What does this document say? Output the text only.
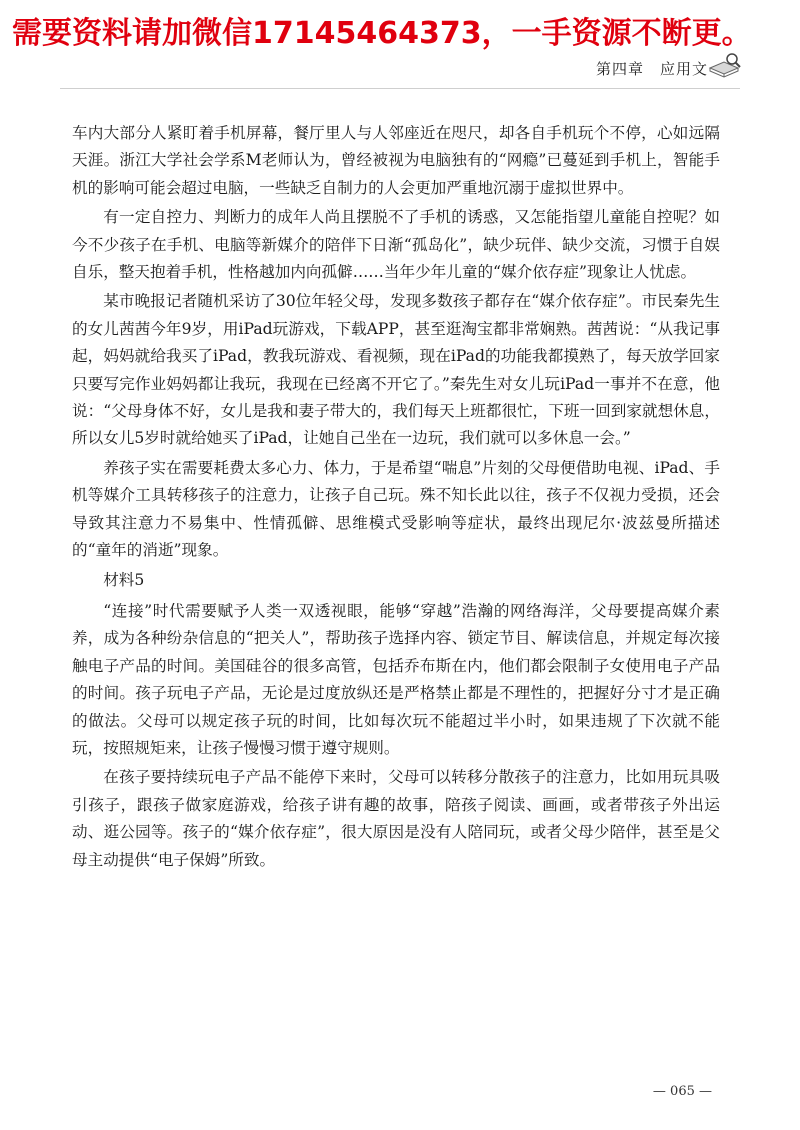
需要资料请加微信17145464373，一手资源不断更。
第四章　应用文

车内大部分人紧盯着手机屏幕，餐厅里人与人邻座近在咫尺，却各自手机玩个不停，心如远隔天涯。浙江大学社会学系M老师认为，曾经被视为电脑独有的“网瘾”已蔓延到手机上，智能手机的影响可能会超过电脑，一些缺乏自制力的人会更加严重地沉溺于虚拟世界中。

有一定自控力、判断力的成年人尚且摆脱不了手机的诱惑，又怎能指望儿童能自控呢？如今不少孩子在手机、电脑等新媒介的陪伴下日渐“孤岛化”，缺少玩伴、缺少交流，习惯于自娱自乐，整天抱着手机，性格越加内向孤僻……当年少年儿童的“媒介依存症”现象让人忧虑。

某市晚报记者随机采访了30位年轻父母，发现多数孩子都存在“媒介依存症”。市民秦先生的女儿茜茜今年9岁，用iPad玩游戏，下载APP，甚至逛淘宝都非常娴熟。茜茜说：“从我记事起，妈妈就给我买了iPad，教我玩游戏、看视频，现在iPad的功能我都摸熟了，每天放学回家只要写完作业妈妈都让我玩，我现在已经离不开它了。”秦先生对女儿玩iPad一事并不在意，他说：“父母身体不好，女儿是我和妻子带大的，我们每天上班都很忙，下班一回到家就想休息，所以女儿5岁时就给她买了iPad，让她自己坐在一边玩，我们就可以多休息一会。”

养孩子实在需要耗费太多心力、体力，于是希望“喘息”片刻的父母便借助电视、iPad、手机等媒介工具转移孩子的注意力，让孩子自己玩。殊不知长此以往，孩子不仅视力受损，还会导致其注意力不易集中、性情孤僻、思维模式受影响等症状，最终出现尼尔·波兹曼所描述的“童年的消逝”现象。

材料5

“连接”时代需要赋予人类一双透视眼，能够“穿越”浩瀚的网络海洋，父母要提高媒介素养，成为各种纷杂信息的“把关人”，帮助孩子选择内容、锁定节目、解读信息，并规定每次接触电子产品的时间。美国硅谷的很多高管，包括乔布斯在内，他们都会限制子女使用电子产品的时间。孩子玩电子产品，无论是过度放纵还是严格禁止都是不理性的，把握好分寸才是正确的做法。父母可以规定孩子玩的时间，比如每次玩不能超过半小时，如果违规了下次就不能玩，按照规矩来，让孩子慢慢习惯于遵守规则。

在孩子要持续玩电子产品不能停下来时，父母可以转移分散孩子的注意力，比如用玩具吸引孩子，跟孩子做家庭游戏，给孩子讲有趣的故事，陪孩子阅读、画画，或者带孩子外出运动、逛公园等。孩子的“媒介依存症”，很大原因是没有人陪同玩，或者父母少陪伴，甚至是父母主动提供“电子保姆”所致。

— 065 —
